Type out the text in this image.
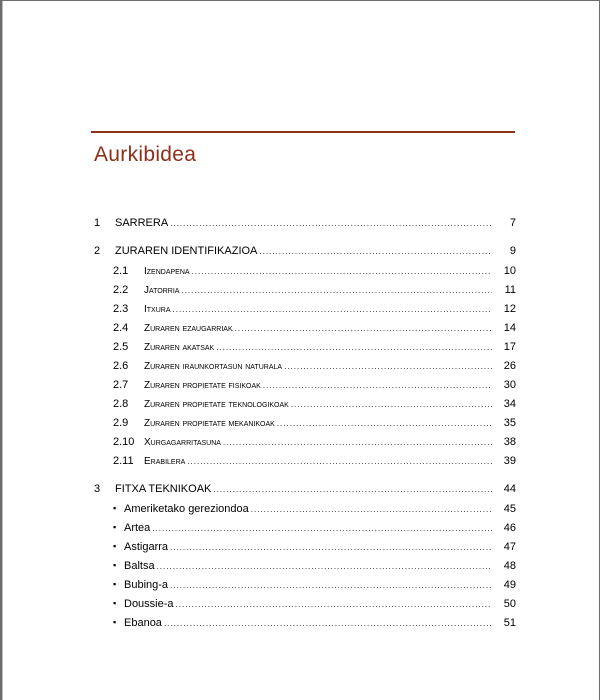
Aurkibidea
1 SARRERA .....	7
2 ZURAREN IDENTIFIKAZIOA .....	9
2.1 Izendapena .....	10
2.2 Jatorria .....	11
2.3 Itxura .....	12
2.4 Zuraren ezaugarriak .....	14
2.5 Zuraren akatsak .....	17
2.6 Zuraren iraunkortasun naturala .....	26
2.7 Zuraren propietate fisikoak .....	30
2.8 Zuraren propietate teknologikoak .....	34
2.9 Zuraren propietate mekanikoak .....	35
2.10 Xurgagarritasuna .....	38
2.11 Erabilera .....	39
3 FITXA TEKNIKOAK .....	44
▪ Ameriketako gereziondoa .....	45
▪ Artea .....	46
▪ Astigarra .....	47
▪ Baltsa .....	48
▪ Bubing-a .....	49
▪ Doussie-a .....	50
▪ Ebanoa .....	51
